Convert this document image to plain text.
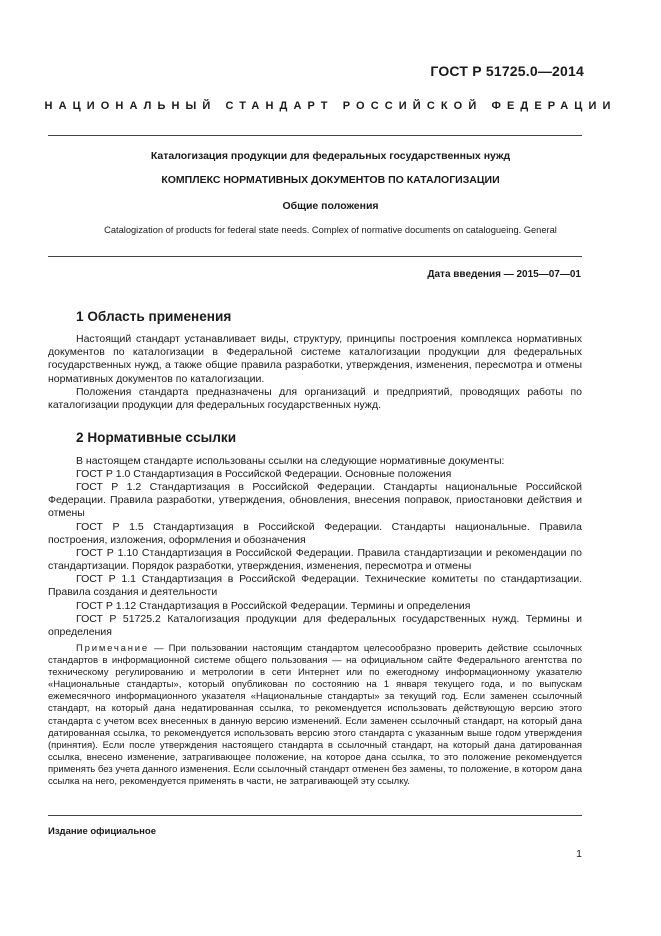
ГОСТ Р 51725.0—2014
НАЦИОНАЛЬНЫЙ СТАНДАРТ РОССИЙСКОЙ ФЕДЕРАЦИИ
Каталогизация продукции для федеральных государственных нужд
КОМПЛЕКС НОРМАТИВНЫХ ДОКУМЕНТОВ ПО КАТАЛОГИЗАЦИИ
Общие положения
Catalogization of products for federal state needs. Complex of normative documents on catalogueing. General
Дата введения — 2015—07—01
1 Область применения
Настоящий стандарт устанавливает виды, структуру, принципы построения комплекса нормативных документов по каталогизации в Федеральной системе каталогизации продукции для федеральных государственных нужд, а также общие правила разработки, утверждения, изменения, пересмотра и отмены нормативных документов по каталогизации.
Положения стандарта предназначены для организаций и предприятий, проводящих работы по каталогизации продукции для федеральных государственных нужд.
2 Нормативные ссылки
В настоящем стандарте использованы ссылки на следующие нормативные документы:
ГОСТ Р 1.0 Стандартизация в Российской Федерации. Основные положения
ГОСТ Р 1.2 Стандартизация в Российской Федерации. Стандарты национальные Российской Федерации. Правила разработки, утверждения, обновления, внесения поправок, приостановки действия и отмены
ГОСТ Р 1.5 Стандартизация в Российской Федерации. Стандарты национальные. Правила построения, изложения, оформления и обозначения
ГОСТ Р 1.10 Стандартизация в Российской Федерации. Правила стандартизации и рекомендации по стандартизации. Порядок разработки, утверждения, изменения, пересмотра и отмены
ГОСТ Р 1.1 Стандартизация в Российской Федерации. Технические комитеты по стандартизации. Правила создания и деятельности
ГОСТ Р 1.12 Стандартизация в Российской Федерации. Термины и определения
ГОСТ Р 51725.2 Каталогизация продукции для федеральных государственных нужд. Термины и определения
Примечание — При пользовании настоящим стандартом целесообразно проверить действие ссылочных стандартов в информационной системе общего пользования — на официальном сайте Федерального агентства по техническому регулированию и метрологии в сети Интернет или по ежегодному информационному указателю «Национальные стандарты», который опубликован по состоянию на 1 января текущего года, и по выпускам ежемесячного информационного указателя «Национальные стандарты» за текущий год. Если заменен ссылочный стандарт, на который дана недатированная ссылка, то рекомендуется использовать действующую версию этого стандарта с учетом всех внесенных в данную версию изменений. Если заменен ссылочный стандарт, на который дана датированная ссылка, то рекомендуется использовать версию этого стандарта с указанным выше годом утверждения (принятия). Если после утверждения настоящего стандарта в ссылочный стандарт, на который дана датированная ссылка, внесено изменение, затрагивающее положение, на которое дана ссылка, то это положение рекомендуется применять без учета данного изменения. Если ссылочный стандарт отменен без замены, то положение, в котором дана ссылка на него, рекомендуется применять в части, не затрагивающей эту ссылку.
Издание официальное
1
